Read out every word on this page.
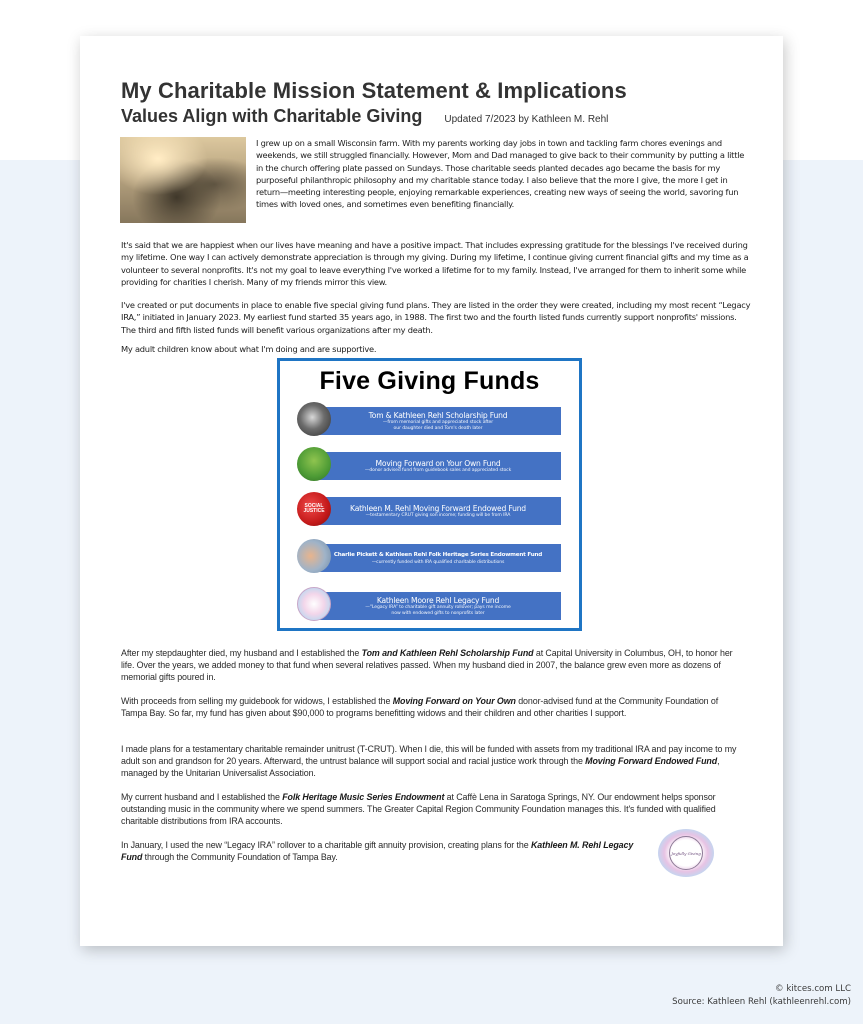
My Charitable Mission Statement & Implications
Values Align with Charitable Giving Updated 7/2023 by Kathleen M. Rehl
I grew up on a small Wisconsin farm. With my parents working day jobs in town and tackling farm chores evenings and weekends, we still struggled financially. However, Mom and Dad managed to give back to their community by putting a little in the church offering plate passed on Sundays. Those charitable seeds planted decades ago became the basis for my purposeful philanthropic philosophy and my charitable stance today. I also believe that the more I give, the more I get in return—meeting interesting people, enjoying remarkable experiences, creating new ways of seeing the world, savoring fun times with loved ones, and sometimes even benefiting financially.
It's said that we are happiest when our lives have meaning and have a positive impact. That includes expressing gratitude for the blessings I've received during my lifetime. One way I can actively demonstrate appreciation is through my giving. During my lifetime, I continue giving current financial gifts and my time as a volunteer to several nonprofits. It's not my goal to leave everything I've worked a lifetime for to my family. Instead, I've arranged for them to inherit some while providing for charities I cherish. Many of my friends mirror this view.
I've created or put documents in place to enable five special giving fund plans. They are listed in the order they were created, including my most recent “Legacy IRA,” initiated in January 2023. My earliest fund started 35 years ago, in 1988. The first two and the fourth listed funds currently support nonprofits' missions. The third and fifth listed funds will benefit various organizations after my death.
My adult children know about what I'm doing and are supportive.
Five Giving Funds
Tom & Kathleen Rehl Scholarship Fund
—from memorial gifts and appreciated stock after
our daughter died and Tom's death later
Moving Forward on Your Own Fund
—donor advised fund from guidebook sales and appreciated stock
SOCIAL JUSTICE	Kathleen M. Rehl Moving Forward Endowed Fund
—testamentary CRUT giving son income; funding will be from IRA
Charlie Pickett & Kathleen Rehl Folk Heritage Series Endowment Fund
—currently funded with IRA qualified charitable distributions
Kathleen Moore Rehl Legacy Fund
—“Legacy IRA” to charitable gift annuity rollover; pays me income
now with endowed gifts to nonprofits later
After my stepdaughter died, my husband and I established the Tom and Kathleen Rehl Scholarship Fund at Capital University in Columbus, OH, to honor her life. Over the years, we added money to that fund when several relatives passed. When my husband died in 2007, the balance grew even more as dozens of memorial gifts poured in.
With proceeds from selling my guidebook for widows, I established the Moving Forward on Your Own donor-advised fund at the Community Foundation of Tampa Bay. So far, my fund has given about $90,000 to programs benefitting widows and their children and other charities I support.
I made plans for a testamentary charitable remainder unitrust (T-CRUT). When I die, this will be funded with assets from my traditional IRA and pay income to my adult son and grandson for 20 years. Afterward, the untrust balance will support social and racial justice work through the Moving Forward Endowed Fund, managed by the Unitarian Universalist Association.
My current husband and I established the Folk Heritage Music Series Endowment at Caffè Lena in Saratoga Springs, NY. Our endowment helps sponsor outstanding music in the community where we spend summers. The Greater Capital Region Community Foundation manages this. It's funded with qualified charitable distributions from IRA accounts.
In January, I used the new “Legacy IRA” rollover to a charitable gift annuity provision, creating plans for the Kathleen M. Rehl Legacy Fund through the Community Foundation of Tampa Bay.	Joyfully Giving
© kitces.com LLC
Source: Kathleen Rehl (kathleenrehl.com)
